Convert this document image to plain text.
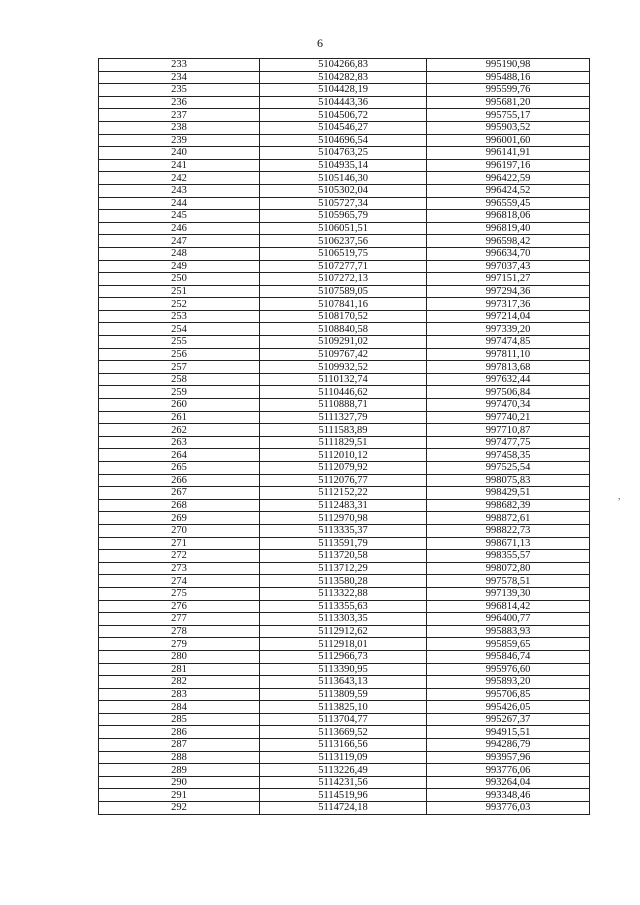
6
233	5104266,83	995190,98
234	5104282,83	995488,16
235	5104428,19	995599,76
236	5104443,36	995681,20
237	5104506,72	995755,17
238	5104546,27	995903,52
239	5104696,54	996001,60
240	5104763,25	996141,91
241	5104935,14	996197,16
242	5105146,30	996422,59
243	5105302,04	996424,52
244	5105727,34	996559,45
245	5105965,79	996818,06
246	5106051,51	996819,40
247	5106237,56	996598,42
248	5106519,75	996634,70
249	5107277,71	997037,43
250	5107272,13	997151,27
251	5107589,05	997294,36
252	5107841,16	997317,36
253	5108170,52	997214,04
254	5108840,58	997339,20
255	5109291,02	997474,85
256	5109767,42	997811,10
257	5109932,52	997813,68
258	5110132,74	997632,44
259	5110446,62	997506,84
260	5110888,71	997470,34
261	5111327,79	997740,21
262	5111583,89	997710,87
263	5111829,51	997477,75
264	5112010,12	997458,35
265	5112079,92	997525,54
266	5112076,77	998075,83
267	5112152,22	998429,51
268	5112483,31	998682,39
269	5112970,98	998872,61
270	5113335,37	998822,73
271	5113591,79	998671,13
272	5113720,58	998355,57
273	5113712,29	998072,80
274	5113580,28	997578,51
275	5113322,88	997139,30
276	5113355,63	996814,42
277	5113303,35	996400,77
278	5112912,62	995883,93
279	5112918,01	995859,65
280	5112966,73	995846,74
281	5113390,95	995976,60
282	5113643,13	995893,20
283	5113809,59	995706,85
284	5113825,10	995426,05
285	5113704,77	995267,37
286	5113669,52	994915,51
287	5113166,56	994286,79
288	5113119,09	993957,96
289	5113226,49	993776,06
290	5114231,56	993264,04
291	5114519,96	993348,46
292	5114724,18	993776,03
,
